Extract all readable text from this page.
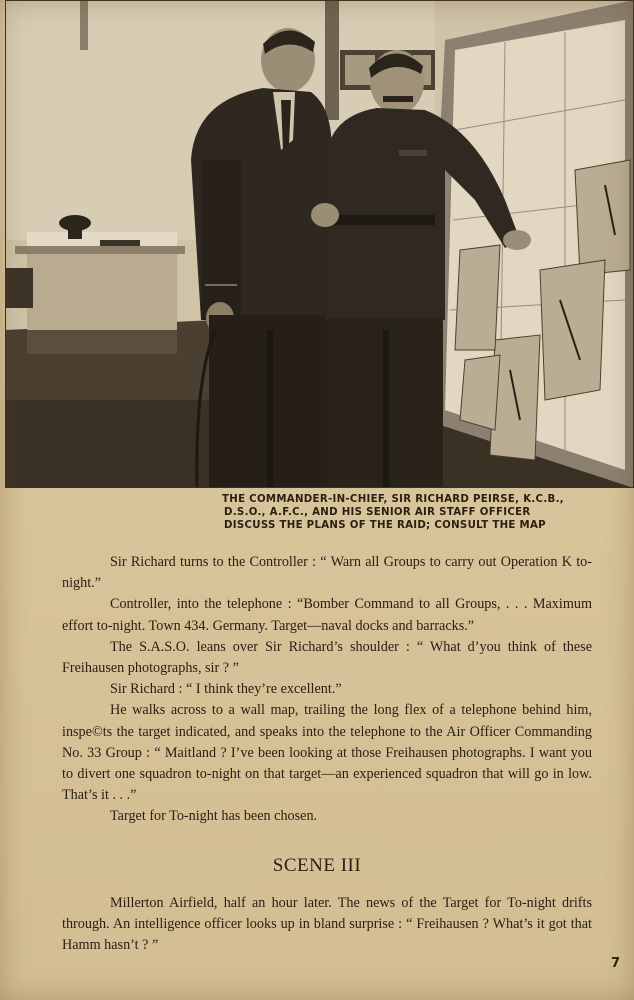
THE COMMANDER-IN-CHIEF, SIR RICHARD PEIRSE, K.C.B.,
D.S.O., A.F.C., AND HIS SENIOR AIR STAFF OFFICER
DISCUSS THE PLANS OF THE RAID; CONSULT THE MAP

Sir Richard turns to the Controller : “ Warn all Groups to carry out Operation K to-night.”

Controller, into the telephone : “Bomber Command to all Groups, . . . Maximum effort to-night. Town 434. Germany. Target—naval docks and barracks.”

The S.A.S.O. leans over Sir Richard’s shoulder : “ What d’you think of these Freihausen photographs, sir ? ”

Sir Richard : “ I think they’re excellent.”

He walks across to a wall map, trailing the long flex of a telephone behind him, inspe©ts the target indicated, and speaks into the telephone to the Air Officer Commanding No. 33 Group : “ Maitland ? I’ve been looking at those Freihausen photographs. I want you to divert one squadron to-night on that target—an experienced squadron that will go in low. That’s it . . .”

Target for To-night has been chosen.

SCENE III

Millerton Airfield, half an hour later. The news of the Target for To-night drifts through. An intelligence officer looks up in bland surprise : “ Freihausen ? What’s it got that Hamm hasn’t ? ”

7
